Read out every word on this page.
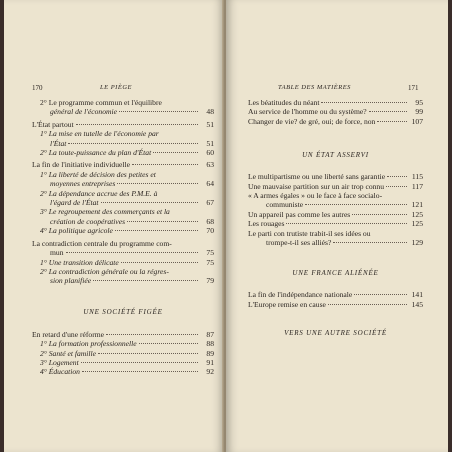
170	LE PIÈGE
2° Le programme commun et l'équilibre
général de l'économie	48
L'État partout	51
1° La mise en tutelle de l'économie par
l'État	51
2° La toute-puissance du plan d'État	60
La fin de l'initiative individuelle	63
1° La liberté de décision des petites et
moyennes entreprises	64
2° La dépendance accrue des P.M.E. à
l'égard de l'État	67
3° Le regroupement des commerçants et la
création de coopératives	68
4° La politique agricole	70
La contradiction centrale du programme com-
mun	75
1° Une transition délicate	75
2° La contradiction générale ou la régres-
sion planifiée	79
UNE SOCIÉTÉ FIGÉE
En retard d'une réforme	87
1° La formation professionnelle	88
2° Santé et famille	89
3° Logement	91
4° Éducation	92
TABLE DES MATIÈRES	171
Les béatitudes du néant	95
Au service de l'homme ou du système?	99
Changer de vie? de gré, oui; de force, non	107
UN ÉTAT ASSERVI
Le multipartisme ou une liberté sans garantie	115
Une mauvaise partition sur un air trop connu	117
« A armes égales » ou le face à face socialo-
communiste	121
Un appareil pas comme les autres	125
Les rouages	125
Le parti con trutiste trabit-il ses idées ou
trompe-t-il ses alliés?	129
UNE FRANCE ALIÉNÉE
La fin de l'indépendance nationale	141
L'Europe remise en cause	145
VERS UNE AUTRE SOCIÉTÉ
